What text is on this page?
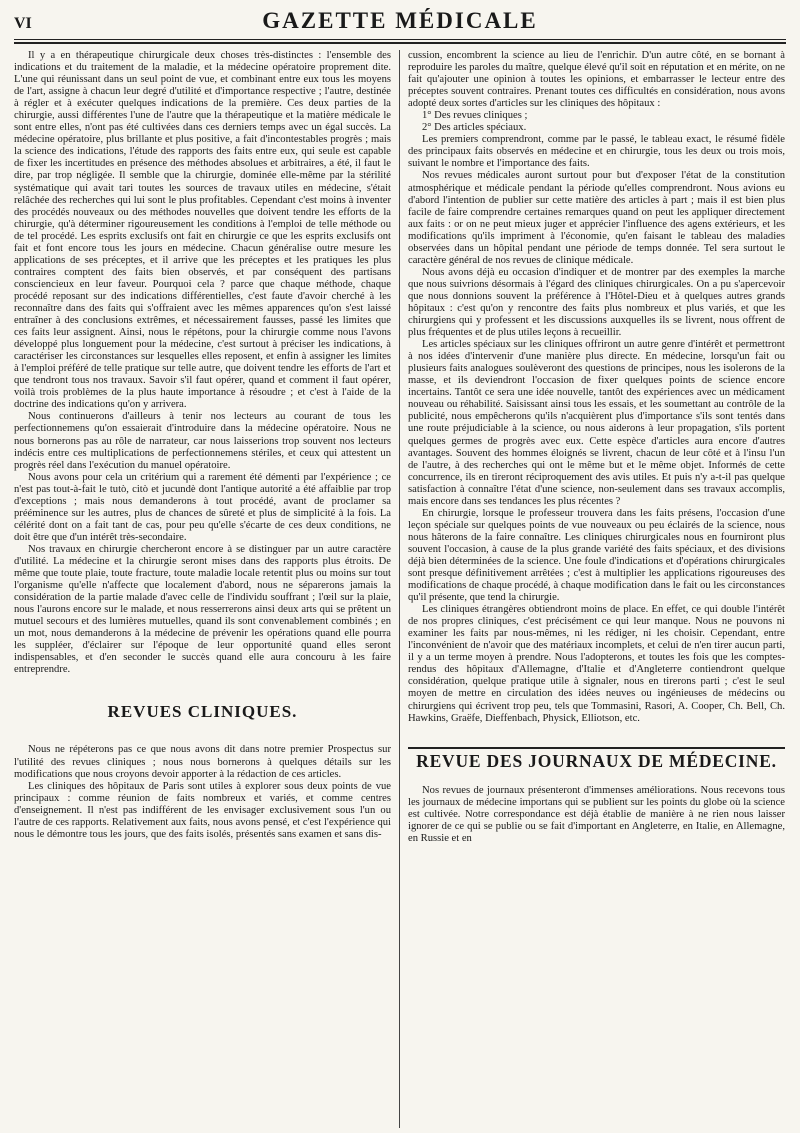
VI	GAZETTE MÉDICALE

Il y a en thérapeutique chirurgicale deux choses très-distinctes : l'ensemble des indications et du traitement de la maladie, et la médecine opératoire proprement dite. L'une qui réunissant dans un seul point de vue, et combinant entre eux tous les moyens de l'art, assigne à chacun leur degré d'utilité et d'importance respective ; l'autre, destinée à régler et à exécuter quelques indications de la première. Ces deux parties de la chirurgie, aussi différentes l'une de l'autre que la thérapeutique et la matière médicale le sont entre elles, n'ont pas été cultivées dans ces derniers temps avec un égal succès. La médecine opératoire, plus brillante et plus positive, a fait d'incontestables progrès ; mais la science des indications, l'étude des rapports des faits entre eux, qui seule est capable de fixer les incertitudes en présence des méthodes absolues et arbitraires, a été, il faut le dire, par trop négligée. Il semble que la chirurgie, dominée elle-même par la stérilité systématique qui avait tari toutes les sources de travaux utiles en médecine, s'était relâchée des recherches qui lui sont le plus profitables. Cependant c'est moins à inventer des procédés nouveaux ou des méthodes nouvelles que doivent tendre les efforts de la chirurgie, qu'à déterminer rigoureusement les conditions à l'emploi de telle méthode ou de tel procédé. Les esprits exclusifs ont fait en chirurgie ce que les esprits exclusifs ont fait et font encore tous les jours en médecine. Chacun généralise outre mesure les applications de ses préceptes, et il arrive que les préceptes et les pratiques les plus contraires comptent des faits bien observés, et par conséquent des partisans consciencieux en leur faveur. Pourquoi cela ? parce que chaque méthode, chaque procédé reposant sur des indications différentielles, c'est faute d'avoir cherché à les reconnaître dans des faits qui s'offraient avec les mêmes apparences qu'on s'est laissé entraîner à des conclusions extrêmes, et nécessairement fausses, passé les limites que ces faits leur assignent. Ainsi, nous le répétons, pour la chirurgie comme nous l'avons développé plus longuement pour la médecine, c'est surtout à préciser les indications, à caractériser les circonstances sur lesquelles elles reposent, et enfin à assigner les limites à l'emploi préféré de telle pratique sur telle autre, que doivent tendre les efforts de l'art et que tendront tous nos travaux. Savoir s'il faut opérer, quand et comment il faut opérer, voilà trois problèmes de la plus haute importance à résoudre ; et c'est à l'aide de la doctrine des indications qu'on y arrivera.

Nous continuerons d'ailleurs à tenir nos lecteurs au courant de tous les perfectionnemens qu'on essaierait d'introduire dans la médecine opératoire. Nous ne nous bornerons pas au rôle de narrateur, car nous laisserions trop souvent nos lecteurs indécis entre ces multiplications de perfectionnemens stériles, et ceux qui attestent un progrès réel dans l'exécution du manuel opératoire.

Nous avons pour cela un critérium qui a rarement été démenti par l'expérience ; ce n'est pas tout-à-fait le tutò, citò et jucundè dont l'antique autorité a été affaiblie par trop d'exceptions ; mais nous demanderons à tout procédé, avant de proclamer sa prééminence sur les autres, plus de chances de sûreté et plus de simplicité à la fois. La célérité dont on a fait tant de cas, pour peu qu'elle s'écarte de ces deux conditions, ne doit être que d'un intérêt très-secondaire.

Nos travaux en chirurgie chercheront encore à se distinguer par un autre caractère d'utilité. La médecine et la chirurgie seront mises dans des rapports plus étroits. De même que toute plaie, toute fracture, toute maladie locale retentit plus ou moins sur tout l'organisme qu'elle n'affecte que localement d'abord, nous ne séparerons jamais la considération de la partie malade d'avec celle de l'individu souffrant ; l'œil sur la plaie, nous l'aurons encore sur le malade, et nous resserrerons ainsi deux arts qui se prêtent un mutuel secours et des lumières mutuelles, quand ils sont convenablement combinés ; en un mot, nous demanderons à la médecine de prévenir les opérations quand elle pourra les suppléer, d'éclairer sur l'époque de leur opportunité quand elles seront indispensables, et d'en seconder le succès quand elle aura concouru à les faire entreprendre.

REVUES CLINIQUES.

Nous ne répéterons pas ce que nous avons dit dans notre premier Prospectus sur l'utilité des revues cliniques ; nous nous bornerons à quelques détails sur les modifications que nous croyons devoir apporter à la rédaction de ces articles.

Les cliniques des hôpitaux de Paris sont utiles à explorer sous deux points de vue principaux : comme réunion de faits nombreux et variés, et comme centres d'enseignement. Il n'est pas indifférent de les envisager exclusivement sous l'un ou l'autre de ces rapports. Relativement aux faits, nous avons pensé, et c'est l'expérience qui nous le démontre tous les jours, que des faits isolés, présentés sans examen et sans dis-

cussion, encombrent la science au lieu de l'enrichir. D'un autre côté, en se bornant à reproduire les paroles du maître, quelque élevé qu'il soit en réputation et en mérite, on ne fait qu'ajouter une opinion à toutes les opinions, et embarrasser le lecteur entre des préceptes souvent contraires. Prenant toutes ces difficultés en considération, nous avons adopté deux sortes d'articles sur les cliniques des hôpitaux :

1° Des revues cliniques ;
2° Des articles spéciaux.

Les premiers comprendront, comme par le passé, le tableau exact, le résumé fidèle des principaux faits observés en médecine et en chirurgie, tous les deux ou trois mois, suivant le nombre et l'importance des faits.

Nos revues médicales auront surtout pour but d'exposer l'état de la constitution atmosphérique et médicale pendant la période qu'elles comprendront. Nous avions eu d'abord l'intention de publier sur cette matière des articles à part ; mais il est bien plus facile de faire comprendre certaines remarques quand on peut les appliquer directement aux faits : or on ne peut mieux juger et apprécier l'influence des agens extérieurs, et les modifications qu'ils impriment à l'économie, qu'en faisant le tableau des maladies observées dans un hôpital pendant une période de temps donnée. Tel sera surtout le caractère général de nos revues de clinique médicale.

Nous avons déjà eu occasion d'indiquer et de montrer par des exemples la marche que nous suivrions désormais à l'égard des cliniques chirurgicales. On a pu s'apercevoir que nous donnions souvent la préférence à l'Hôtel-Dieu et à quelques autres grands hôpitaux : c'est qu'on y rencontre des faits plus nombreux et plus variés, et que les chirurgiens qui y professent et les discussions auxquelles ils se livrent, nous offrent de plus fréquentes et de plus utiles leçons à recueillir.

Les articles spéciaux sur les cliniques offriront un autre genre d'intérêt et permettront à nos idées d'intervenir d'une manière plus directe. En médecine, lorsqu'un fait ou plusieurs faits analogues soulèveront des questions de principes, nous les isolerons de la masse, et ils deviendront l'occasion de fixer quelques points de science encore incertains. Tantôt ce sera une idée nouvelle, tantôt des expériences avec un médicament nouveau ou réhabilité. Saisissant ainsi tous les essais, et les soumettant au contrôle de la publicité, nous empêcherons qu'ils n'acquièrent plus d'importance s'ils sont tentés dans une route préjudiciable à la science, ou nous aiderons à leur propagation, s'ils portent quelques germes de progrès avec eux. Cette espèce d'articles aura encore d'autres avantages. Souvent des hommes éloignés se livrent, chacun de leur côté et à l'insu l'un de l'autre, à des recherches qui ont le même but et le même objet. Informés de cette concurrence, ils en tireront réciproquement des avis utiles. Et puis n'y a-t-il pas quelque satisfaction à connaître l'état d'une science, non-seulement dans ses travaux accomplis, mais encore dans ses tendances les plus récentes ?

En chirurgie, lorsque le professeur trouvera dans les faits présens, l'occasion d'une leçon spéciale sur quelques points de vue nouveaux ou peu éclairés de la science, nous nous hâterons de la faire connaître. Les cliniques chirurgicales nous en fourniront plus souvent l'occasion, à cause de la plus grande variété des faits spéciaux, et des divisions déjà bien déterminées de la science. Une foule d'indications et d'opérations chirurgicales sont presque définitivement arrêtées ; c'est à multiplier les applications rigoureuses des modifications de chaque procédé, à chaque modification dans le fait ou les circonstances qu'il présente, que tend la chirurgie.

Les cliniques étrangères obtiendront moins de place. En effet, ce qui double l'intérêt de nos propres cliniques, c'est précisément ce qui leur manque. Nous ne pouvons ni examiner les faits par nous-mêmes, ni les rédiger, ni les choisir. Cependant, entre l'inconvénient de n'avoir que des matériaux incomplets, et celui de n'en tirer aucun parti, il y a un terme moyen à prendre. Nous l'adopterons, et toutes les fois que les comptes-rendus des hôpitaux d'Allemagne, d'Italie et d'Angleterre contiendront quelque considération, quelque pratique utile à signaler, nous en tirerons parti ; c'est le seul moyen de mettre en circulation des idées neuves ou ingénieuses de médecins ou chirurgiens qui écrivent trop peu, tels que Tommasini, Rasori, A. Cooper, Ch. Bell, Ch. Hawkins, Graëfe, Dieffenbach, Physick, Elliotson, etc.

REVUE DES JOURNAUX DE MÉDECINE.

Nos revues de journaux présenteront d'immenses améliorations. Nous recevons tous les journaux de médecine importans qui se publient sur les points du globe où la science est cultivée. Notre correspondance est déjà établie de manière à ne rien nous laisser ignorer de ce qui se publie ou se fait d'important en Angleterre, en Italie, en Allemagne, en Russie et en
